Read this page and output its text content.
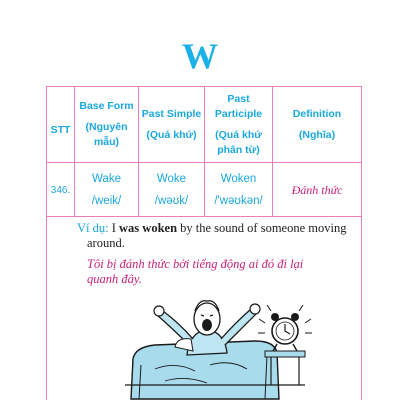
W
STT
Base Form
(Nguyên mẫu)
Past Simple
(Quá khứ)
Past Participle
(Quá khứ phân từ)
Definition
(Nghĩa)
346.
Wake
/weik/
Woke
/wəʊk/
Woken
/'wəʊkən/
Đánh thức
Ví dụ: I was woken by the sound of someone moving
around.
Tôi bị đánh thức bởi tiếng động ai đó đi lại
quanh đây.
